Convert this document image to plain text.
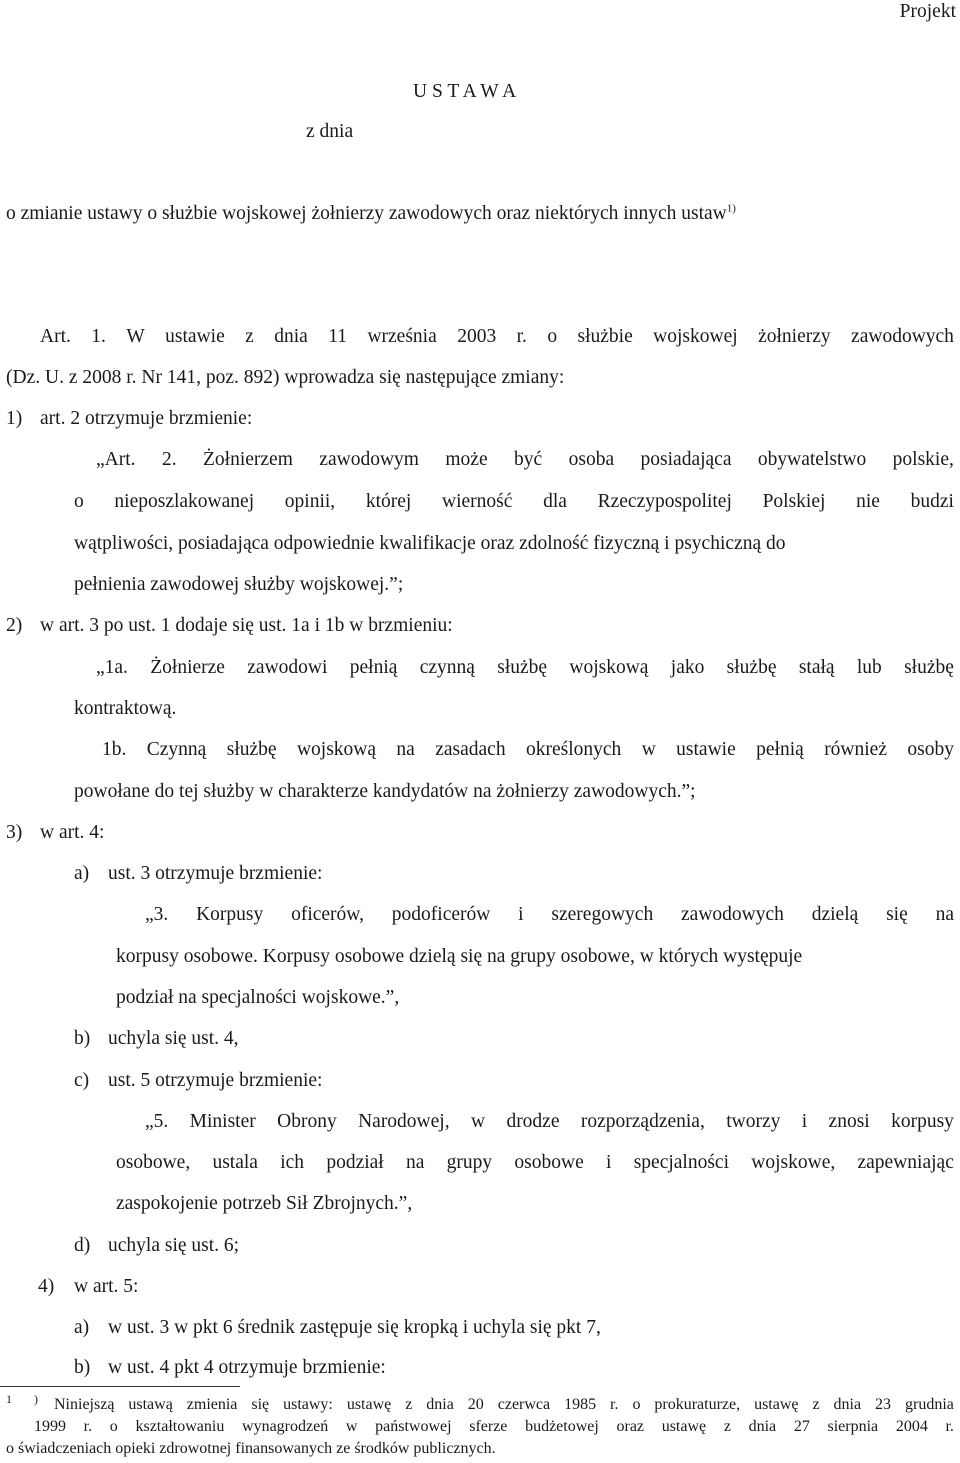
Projekt
U S T A W A
z dnia
o zmianie ustawy o służbie wojskowej żołnierzy zawodowych oraz niektórych innych ustaw$^{1)}$
Art. 1. W ustawie z dnia 11 września 2003 r. o służbie wojskowej żołnierzy zawodowych
(Dz. U. z 2008 r. Nr 141, poz. 892) wprowadza się następujące zmiany:
1) art. 2 otrzymuje brzmienie:
„Art. 2. Żołnierzem zawodowym może być osoba posiadająca obywatelstwo polskie,
o nieposzlakowanej opinii, której wierność dla Rzeczypospolitej Polskiej nie budzi
wątpliwości, posiadająca odpowiednie kwalifikacje oraz zdolność fizyczną i psychiczną do
pełnienia zawodowej służby wojskowej.”;
2) w art. 3 po ust. 1 dodaje się ust. 1a i 1b w brzmieniu:
„1a. Żołnierze zawodowi pełnią czynną służbę wojskową jako służbę stałą lub służbę
kontraktową.
1b. Czynną służbę wojskową na zasadach określonych w ustawie pełnią również osoby
powołane do tej służby w charakterze kandydatów na żołnierzy zawodowych.”;
3) w art. 4:
a) ust. 3 otrzymuje brzmienie:
„3. Korpusy oficerów, podoficerów i szeregowych zawodowych dzielą się na
korpusy osobowe. Korpusy osobowe dzielą się na grupy osobowe, w których występuje
podział na specjalności wojskowe.”,
b) uchyla się ust. 4,
c) ust. 5 otrzymuje brzmienie:
„5. Minister Obrony Narodowej, w drodze rozporządzenia, tworzy i znosi korpusy
osobowe, ustala ich podział na grupy osobowe i specjalności wojskowe, zapewniając
zaspokojenie potrzeb Sił Zbrojnych.”,
d) uchyla się ust. 6;
4) w art. 5:
a) w ust. 3 w pkt 6 średnik zastępuje się kropką i uchyla się pkt 7,
b) w ust. 4 pkt 4 otrzymuje brzmienie:
1 ) Niniejszą ustawą zmienia się ustawy: ustawę z dnia 20 czerwca 1985 r. o prokuraturze, ustawę z dnia 23 grudnia
1999 r. o kształtowaniu wynagrodzeń w państwowej sferze budżetowej oraz ustawę z dnia 27 sierpnia 2004 r.
o świadczeniach opieki zdrowotnej finansowanych ze środków publicznych.
